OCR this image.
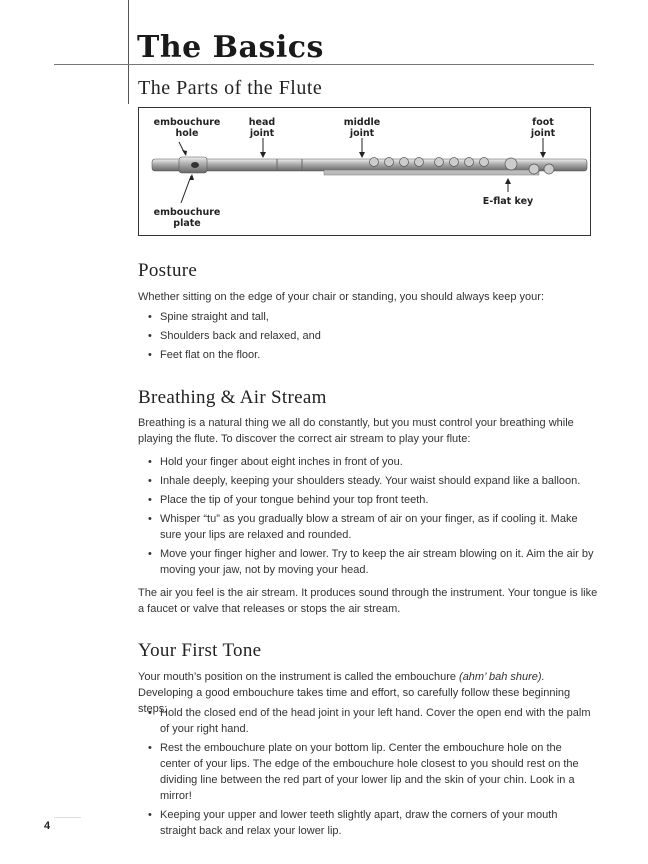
The Basics
The Parts of the Flute
embouchure
hole
head
joint
middle
joint
foot
joint
E-flat key
embouchure
plate
Posture
Whether sitting on the edge of your chair or standing, you should always keep your:
• Spine straight and tall,
• Shoulders back and relaxed, and
• Feet flat on the floor.
Breathing & Air Stream
Breathing is a natural thing we all do constantly, but you must control your breathing while playing the flute. To discover the correct air stream to play your flute:
• Hold your finger about eight inches in front of you.
• Inhale deeply, keeping your shoulders steady. Your waist should expand like a balloon.
• Place the tip of your tongue behind your top front teeth.
• Whisper “tu” as you gradually blow a stream of air on your finger, as if cooling it. Make sure your lips are relaxed and rounded.
• Move your finger higher and lower. Try to keep the air stream blowing on it. Aim the air by moving your jaw, not by moving your head.
The air you feel is the air stream. It produces sound through the instrument. Your tongue is like a faucet or valve that releases or stops the air stream.
Your First Tone
Your mouth’s position on the instrument is called the embouchure (ahm’ bah shure). Developing a good embouchure takes time and effort, so carefully follow these beginning steps:
• Hold the closed end of the head joint in your left hand. Cover the open end with the palm of your right hand.
• Rest the embouchure plate on your bottom lip. Center the embouchure hole on the center of your lips. The edge of the embouchure hole closest to you should rest on the dividing line between the red part of your lower lip and the skin of your chin. Look in a mirror!
• Keeping your upper and lower teeth slightly apart, draw the corners of your mouth straight back and relax your lower lip.
4
